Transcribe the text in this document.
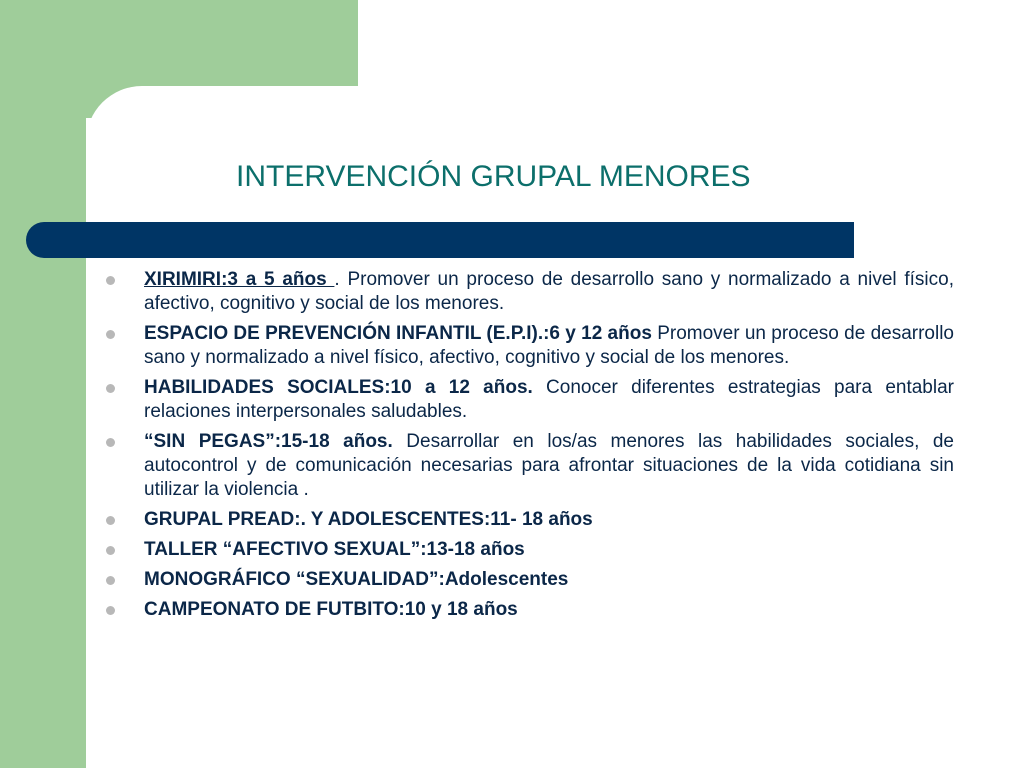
INTERVENCIÓN GRUPAL MENORES
XIRIMIRI:3 a 5 años . Promover un proceso de desarrollo sano y normalizado a nivel físico, afectivo, cognitivo y social de los menores.
ESPACIO DE PREVENCIÓN INFANTIL (E.P.I).:6 y 12 años Promover un proceso de desarrollo sano y normalizado a nivel físico, afectivo, cognitivo y social de los menores.
HABILIDADES SOCIALES:10 a 12 años. Conocer diferentes estrategias para entablar relaciones interpersonales saludables.
“SIN PEGAS”:15-18 años. Desarrollar en los/as menores las habilidades sociales, de autocontrol y de comunicación necesarias para afrontar situaciones de la vida cotidiana sin utilizar la violencia .
GRUPAL PREAD:. Y ADOLESCENTES:11- 18 años
TALLER “AFECTIVO SEXUAL”:13-18 años
MONOGRÁFICO “SEXUALIDAD”:Adolescentes
CAMPEONATO DE FUTBITO:10 y 18 años
